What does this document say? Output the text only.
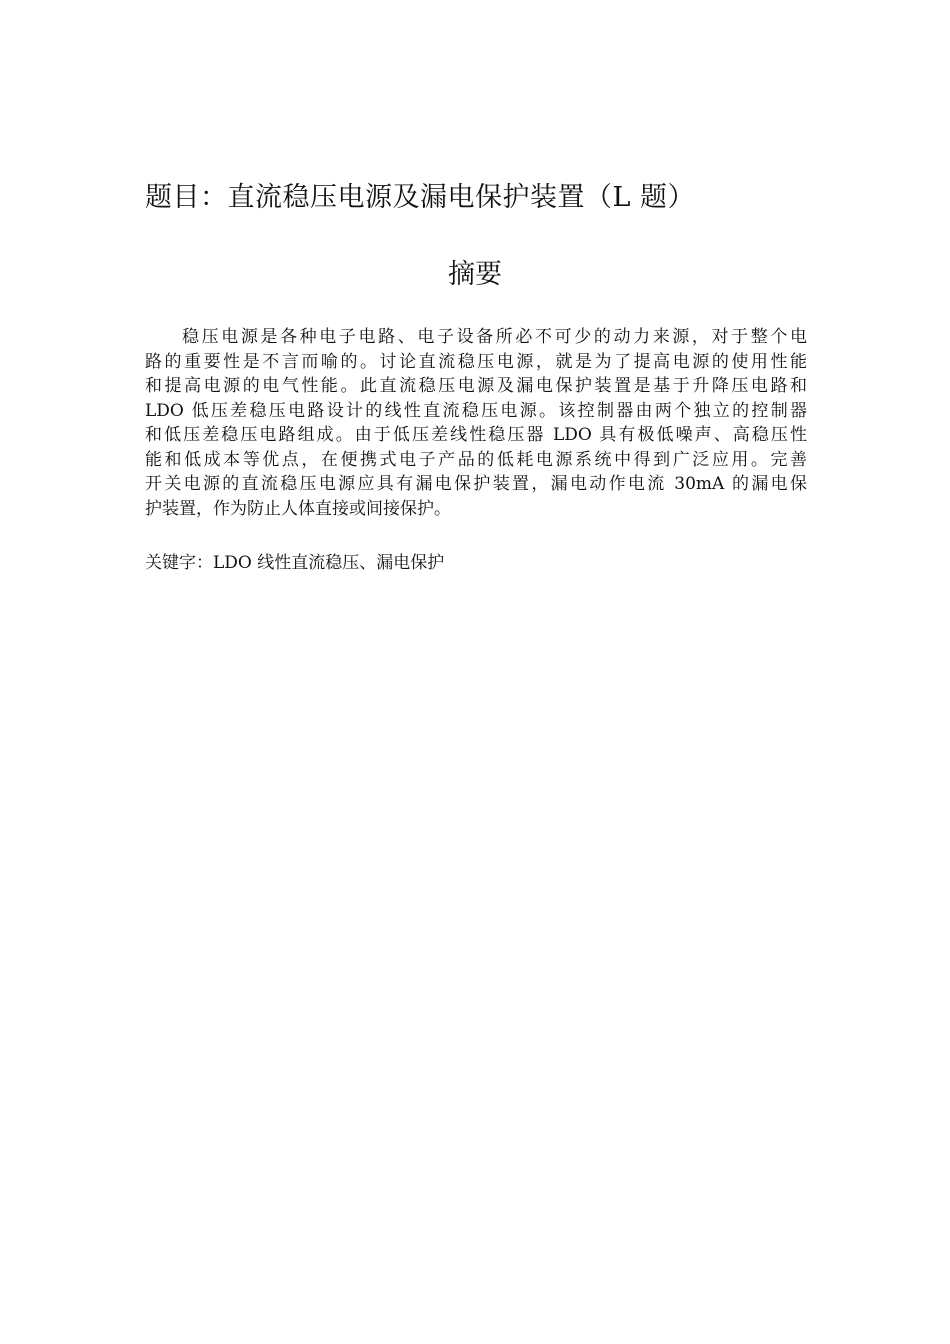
题目：直流稳压电源及漏电保护装置（L 题）
摘要
稳压电源是各种电子电路、电子设备所必不可少的动力来源，对于整个电
路的重要性是不言而喻的。讨论直流稳压电源，就是为了提高电源的使用性能
和提高电源的电气性能。此直流稳压电源及漏电保护装置是基于升降压电路和
LDO 低压差稳压电路设计的线性直流稳压电源。该控制器由两个独立的控制器
和低压差稳压电路组成。由于低压差线性稳压器 LDO 具有极低噪声、高稳压性
能和低成本等优点，在便携式电子产品的低耗电源系统中得到广泛应用。完善
开关电源的直流稳压电源应具有漏电保护装置，漏电动作电流 30mA 的漏电保
护装置，作为防止人体直接或间接保护。
关键字：LDO 线性直流稳压、漏电保护
